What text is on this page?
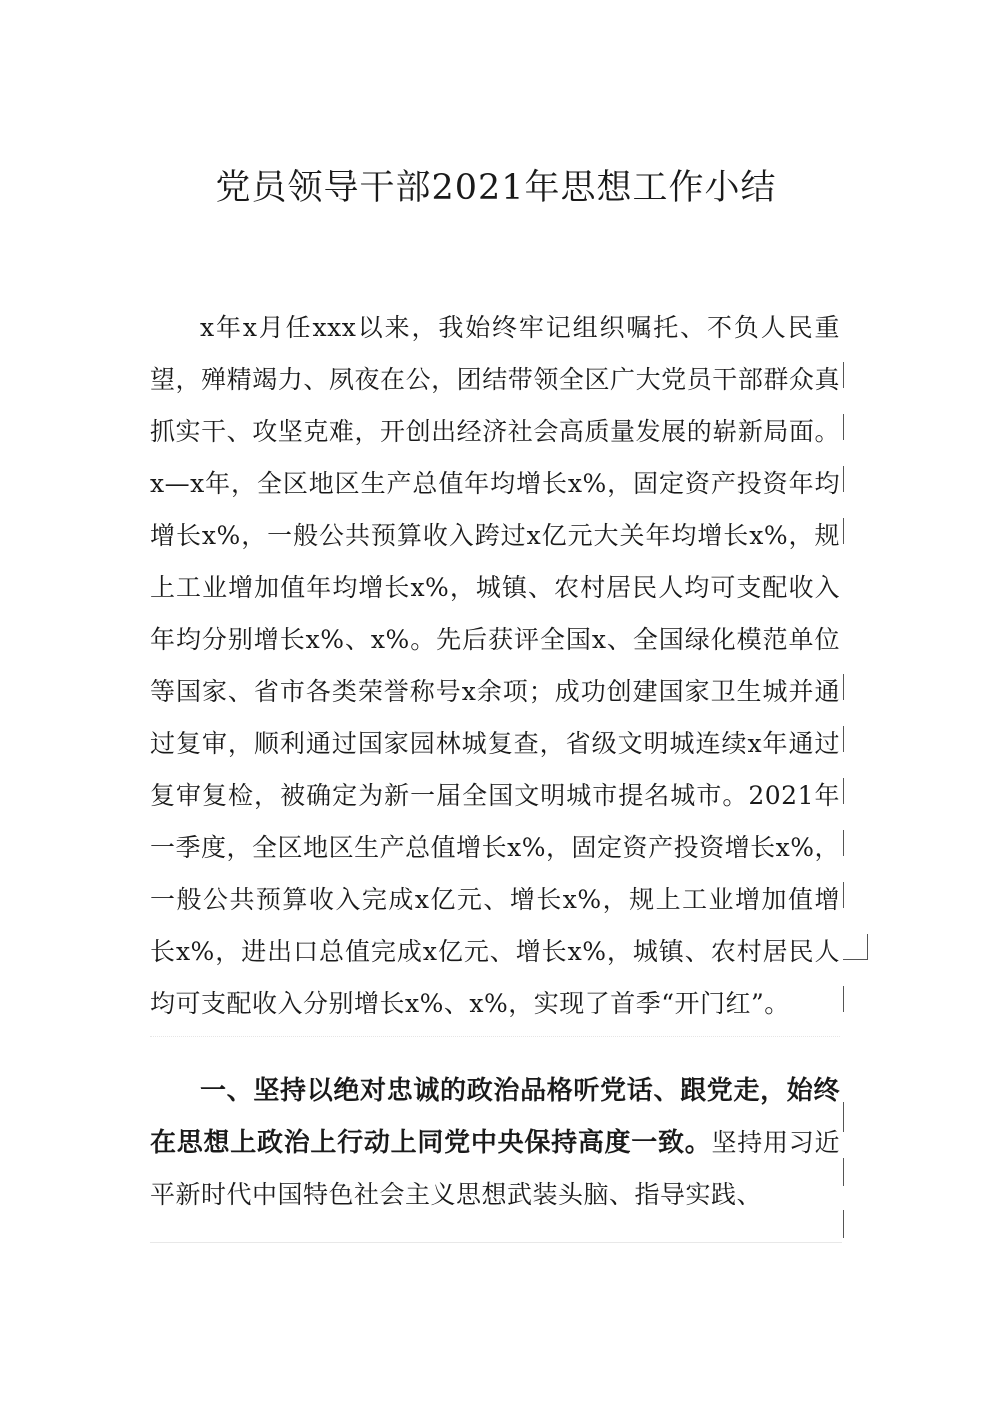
党员领导干部2021年思想工作小结

x年x月任xxx以来，我始终牢记组织嘱托、不负人民重望，殚精竭力、夙夜在公，团结带领全区广大党员干部群众真抓实干、攻坚克难，开创出经济社会高质量发展的崭新局面。x—x年，全区地区生产总值年均增长x%，固定资产投资年均增长x%，一般公共预算收入跨过x亿元大关年均增长x%，规上工业增加值年均增长x%，城镇、农村居民人均可支配收入年均分别增长x%、x%。先后获评全国x、全国绿化模范单位等国家、省市各类荣誉称号x余项；成功创建国家卫生城并通过复审，顺利通过国家园林城复查，省级文明城连续x年通过复审复检，被确定为新一届全国文明城市提名城市。2021年一季度，全区地区生产总值增长x%，固定资产投资增长x%，一般公共预算收入完成x亿元、增长x%，规上工业增加值增长x%，进出口总值完成x亿元、增长x%，城镇、农村居民人均可支配收入分别增长x%、x%，实现了首季“开门红”。

一、坚持以绝对忠诚的政治品格听党话、跟党走，始终在思想上政治上行动上同党中央保持高度一致。坚持用习近平新时代中国特色社会主义思想武装头脑、指导实践、
